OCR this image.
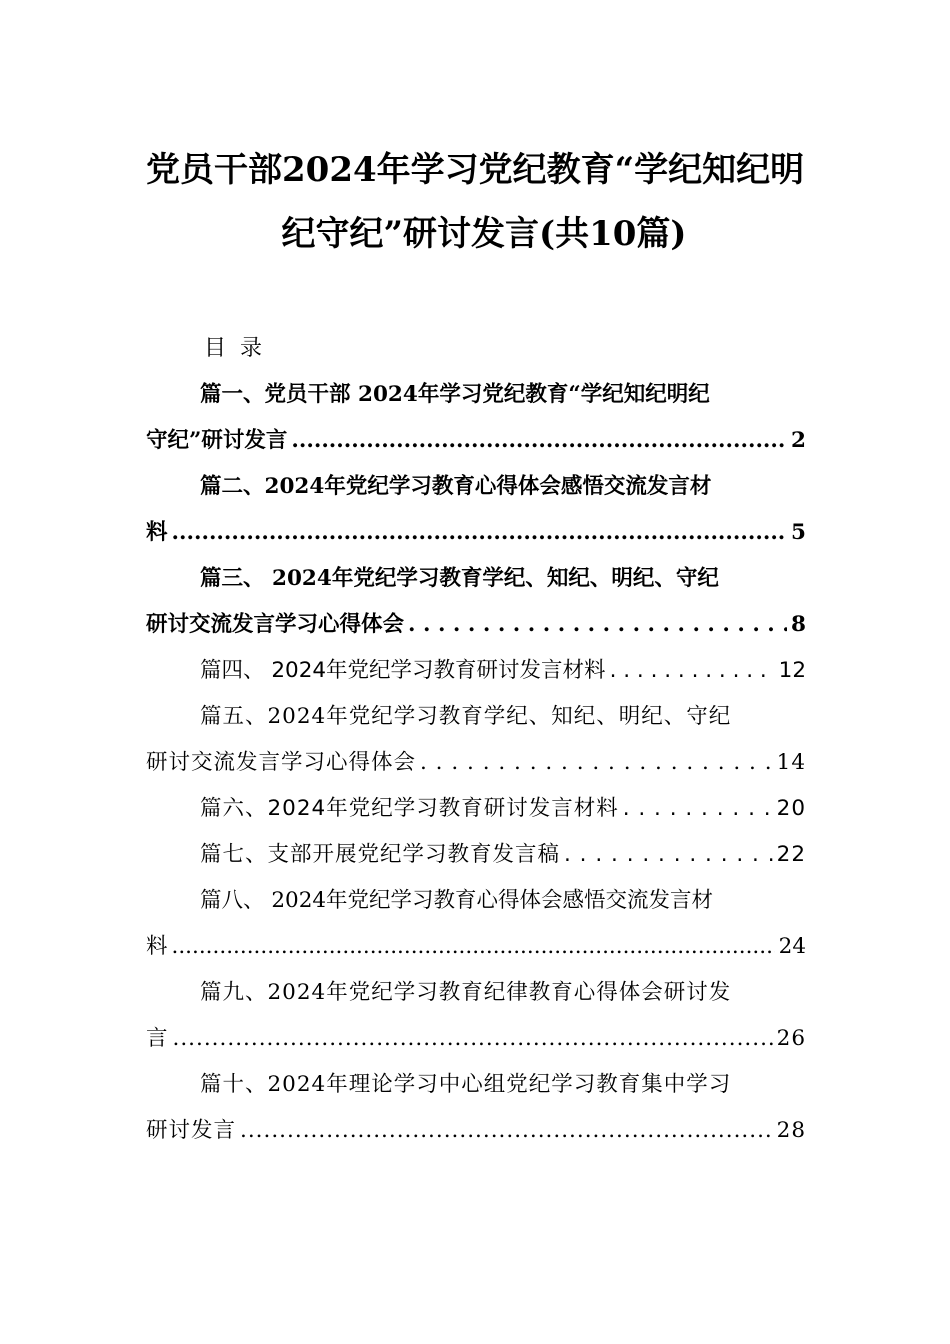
党员干部2024年学习党纪教育“学纪知纪明
纪守纪”研讨发言(共10篇)
目录
篇一、党员干部 2024年学习党纪教育“学纪知纪明纪
守纪”研讨发言 .....	2
篇二、2024年党纪学习教育心得体会感悟交流发言材
料 .....	5
篇三、 2024年党纪学习教育学纪、知纪、明纪、守纪
研讨交流发言学习心得体会 . . .	8
篇四、 2024年党纪学习教育研讨发言材料 . . .	12
篇五、2024年党纪学习教育学纪、知纪、明纪、守纪
研讨交流发言学习心得体会 . . .	14
篇六、2024年党纪学习教育研讨发言材料 . . .	20
篇七、支部开展党纪学习教育发言稿 . . .	22
篇八、 2024年党纪学习教育心得体会感悟交流发言材
料 .....	24
篇九、2024年党纪学习教育纪律教育心得体会研讨发
言 .....	26
篇十、2024年理论学习中心组党纪学习教育集中学习
研讨发言 .....	28
